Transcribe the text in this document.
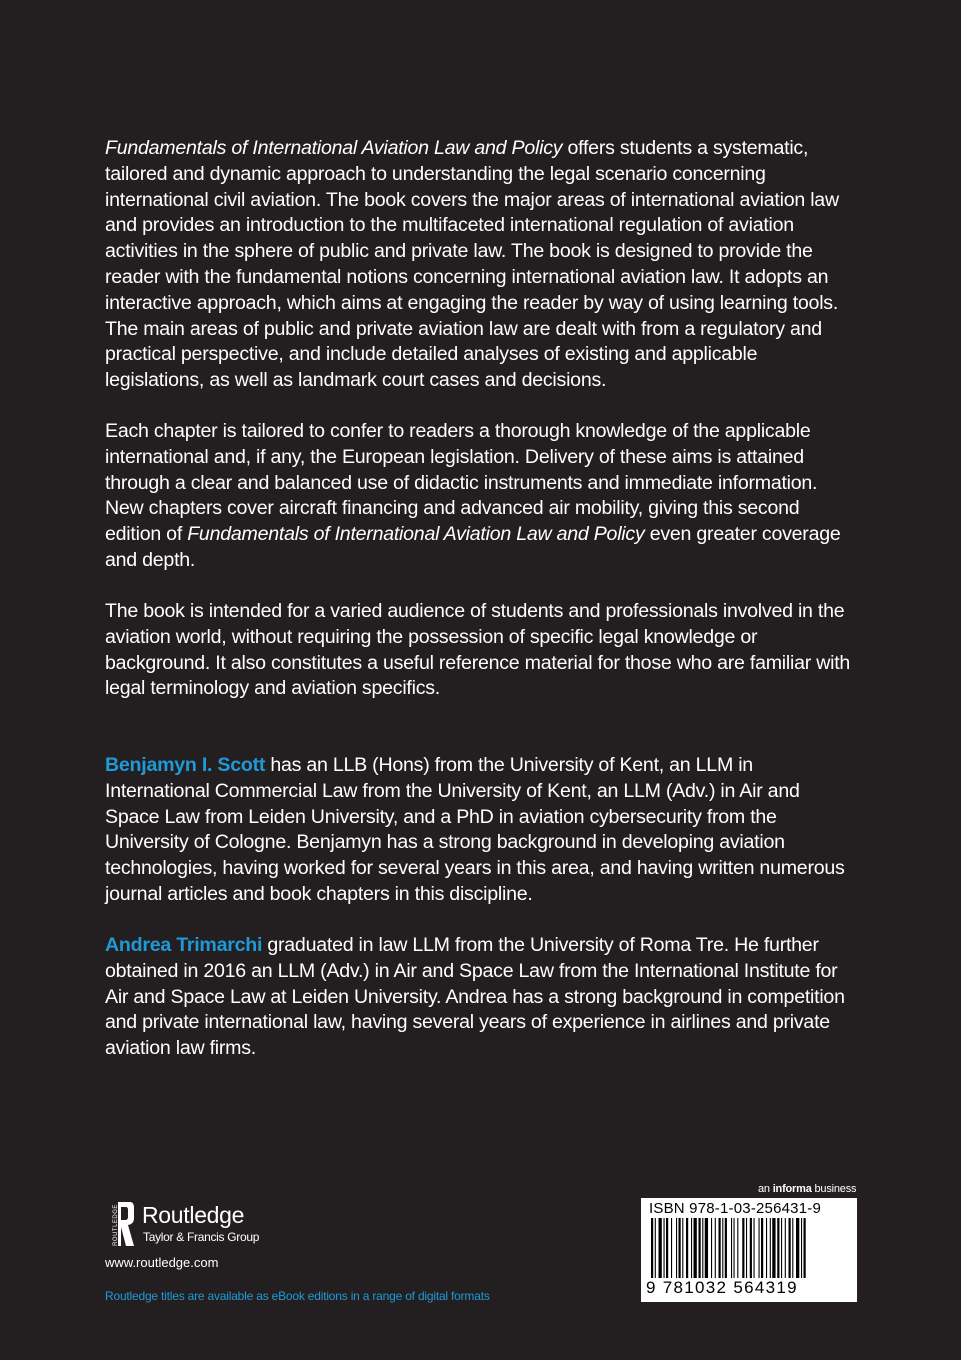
Fundamentals of International Aviation Law and Policy offers students a systematic, tailored and dynamic approach to understanding the legal scenario concerning international civil aviation. The book covers the major areas of international aviation law and provides an introduction to the multifaceted international regulation of aviation activities in the sphere of public and private law. The book is designed to provide the reader with the fundamental notions concerning international aviation law. It adopts an interactive approach, which aims at engaging the reader by way of using learning tools. The main areas of public and private aviation law are dealt with from a regulatory and practical perspective, and include detailed analyses of existing and applicable legislations, as well as landmark court cases and decisions.

Each chapter is tailored to confer to readers a thorough knowledge of the applicable international and, if any, the European legislation. Delivery of these aims is attained through a clear and balanced use of didactic instruments and immediate information. New chapters cover aircraft financing and advanced air mobility, giving this second edition of Fundamentals of International Aviation Law and Policy even greater coverage and depth.

The book is intended for a varied audience of students and professionals involved in the aviation world, without requiring the possession of specific legal knowledge or background. It also constitutes a useful reference material for those who are familiar with legal terminology and aviation specifics.

Benjamyn I. Scott has an LLB (Hons) from the University of Kent, an LLM in International Commercial Law from the University of Kent, an LLM (Adv.) in Air and Space Law from Leiden University, and a PhD in aviation cybersecurity from the University of Cologne. Benjamyn has a strong background in developing aviation technologies, having worked for several years in this area, and having written numerous journal articles and book chapters in this discipline.

Andrea Trimarchi graduated in law LLM from the University of Roma Tre. He further obtained in 2016 an LLM (Adv.) in Air and Space Law from the International Institute for Air and Space Law at Leiden University. Andrea has a strong background in competition and private international law, having several years of experience in airlines and private aviation law firms.

ROUTLEDGE Routledge
Taylor & Francis Group
www.routledge.com
Routledge titles are available as eBook editions in a range of digital formats
an informa business
ISBN 978-1-03-256431-9
9 781032 564319
